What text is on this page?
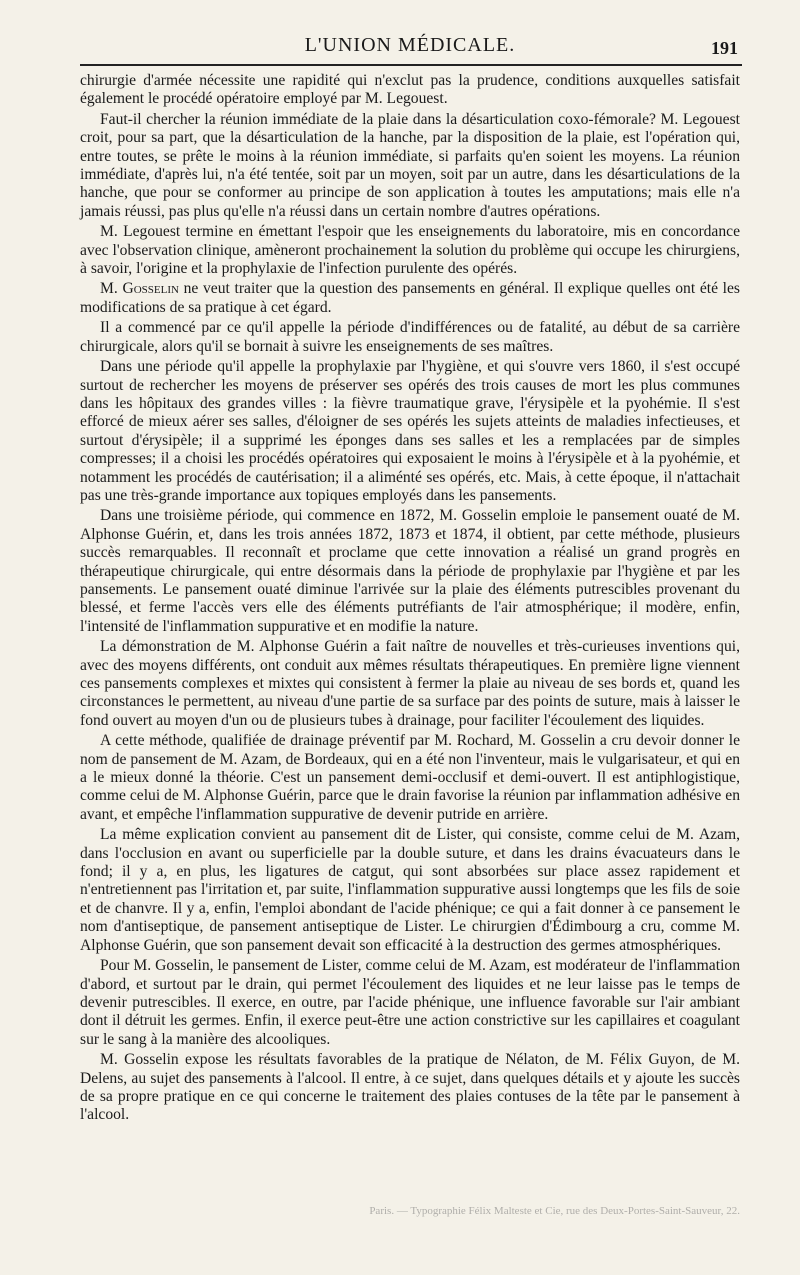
L'UNION MÉDICALE.	191

chirurgie d'armée nécessite une rapidité qui n'exclut pas la prudence, conditions auxquelles satisfait également le procédé opératoire employé par M. Legouest.

Faut-il chercher la réunion immédiate de la plaie dans la désarticulation coxo-fémorale? M. Legouest croit, pour sa part, que la désarticulation de la hanche, par la disposition de la plaie, est l'opération qui, entre toutes, se prête le moins à la réunion immédiate, si parfaits qu'en soient les moyens. La réunion immédiate, d'après lui, n'a été tentée, soit par un moyen, soit par un autre, dans les désarticulations de la hanche, que pour se conformer au principe de son application à toutes les amputations; mais elle n'a jamais réussi, pas plus qu'elle n'a réussi dans un certain nombre d'autres opérations.

M. Legouest termine en émettant l'espoir que les enseignements du laboratoire, mis en concordance avec l'observation clinique, amèneront prochainement la solution du problème qui occupe les chirurgiens, à savoir, l'origine et la prophylaxie de l'infection purulente des opérés.

M. Gosselin ne veut traiter que la question des pansements en général. Il explique quelles ont été les modifications de sa pratique à cet égard.

Il a commencé par ce qu'il appelle la période d'indifférences ou de fatalité, au début de sa carrière chirurgicale, alors qu'il se bornait à suivre les enseignements de ses maîtres.

Dans une période qu'il appelle la prophylaxie par l'hygiène, et qui s'ouvre vers 1860, il s'est occupé surtout de rechercher les moyens de préserver ses opérés des trois causes de mort les plus communes dans les hôpitaux des grandes villes : la fièvre traumatique grave, l'érysipèle et la pyohémie. Il s'est efforcé de mieux aérer ses salles, d'éloigner de ses opérés les sujets atteints de maladies infectieuses, et surtout d'érysipèle; il a supprimé les éponges dans ses salles et les a remplacées par de simples compresses; il a choisi les procédés opératoires qui exposaient le moins à l'érysipèle et à la pyohémie, et notamment les procédés de cautérisation; il a aliménté ses opérés, etc. Mais, à cette époque, il n'attachait pas une très-grande importance aux topiques employés dans les pansements.

Dans une troisième période, qui commence en 1872, M. Gosselin emploie le pansement ouaté de M. Alphonse Guérin, et, dans les trois années 1872, 1873 et 1874, il obtient, par cette méthode, plusieurs succès remarquables. Il reconnaît et proclame que cette innovation a réalisé un grand progrès en thérapeutique chirurgicale, qui entre désormais dans la période de prophylaxie par l'hygiène et par les pansements. Le pansement ouaté diminue l'arrivée sur la plaie des éléments putrescibles provenant du blessé, et ferme l'accès vers elle des éléments putréfiants de l'air atmosphérique; il modère, enfin, l'intensité de l'inflammation suppurative et en modifie la nature.

La démonstration de M. Alphonse Guérin a fait naître de nouvelles et très-curieuses inventions qui, avec des moyens différents, ont conduit aux mêmes résultats thérapeutiques. En première ligne viennent ces pansements complexes et mixtes qui consistent à fermer la plaie au niveau de ses bords et, quand les circonstances le permettent, au niveau d'une partie de sa surface par des points de suture, mais à laisser le fond ouvert au moyen d'un ou de plusieurs tubes à drainage, pour faciliter l'écoulement des liquides.

A cette méthode, qualifiée de drainage préventif par M. Rochard, M. Gosselin a cru devoir donner le nom de pansement de M. Azam, de Bordeaux, qui en a été non l'inventeur, mais le vulgarisateur, et qui en a le mieux donné la théorie. C'est un pansement demi-occlusif et demi-ouvert. Il est antiphlogistique, comme celui de M. Alphonse Guérin, parce que le drain favorise la réunion par inflammation adhésive en avant, et empêche l'inflammation suppurative de devenir putride en arrière.

La même explication convient au pansement dit de Lister, qui consiste, comme celui de M. Azam, dans l'occlusion en avant ou superficielle par la double suture, et dans les drains évacuateurs dans le fond; il y a, en plus, les ligatures de catgut, qui sont absorbées sur place assez rapidement et n'entretiennent pas l'irritation et, par suite, l'inflammation suppurative aussi longtemps que les fils de soie et de chanvre. Il y a, enfin, l'emploi abondant de l'acide phénique; ce qui a fait donner à ce pansement le nom d'antiseptique, de pansement antiseptique de Lister. Le chirurgien d'Édimbourg a cru, comme M. Alphonse Guérin, que son pansement devait son efficacité à la destruction des germes atmosphériques.

Pour M. Gosselin, le pansement de Lister, comme celui de M. Azam, est modérateur de l'inflammation d'abord, et surtout par le drain, qui permet l'écoulement des liquides et ne leur laisse pas le temps de devenir putrescibles. Il exerce, en outre, par l'acide phénique, une influence favorable sur l'air ambiant dont il détruit les germes. Enfin, il exerce peut-être une action constrictive sur les capillaires et coagulant sur le sang à la manière des alcooliques.

M. Gosselin expose les résultats favorables de la pratique de Nélaton, de M. Félix Guyon, de M. Delens, au sujet des pansements à l'alcool. Il entre, à ce sujet, dans quelques détails et y ajoute les succès de sa propre pratique en ce qui concerne le traitement des plaies contuses de la tête par le pansement à l'alcool.

Paris. — Typographie Félix Malteste et Cie, rue des Deux-Portes-Saint-Sauveur, 22.
